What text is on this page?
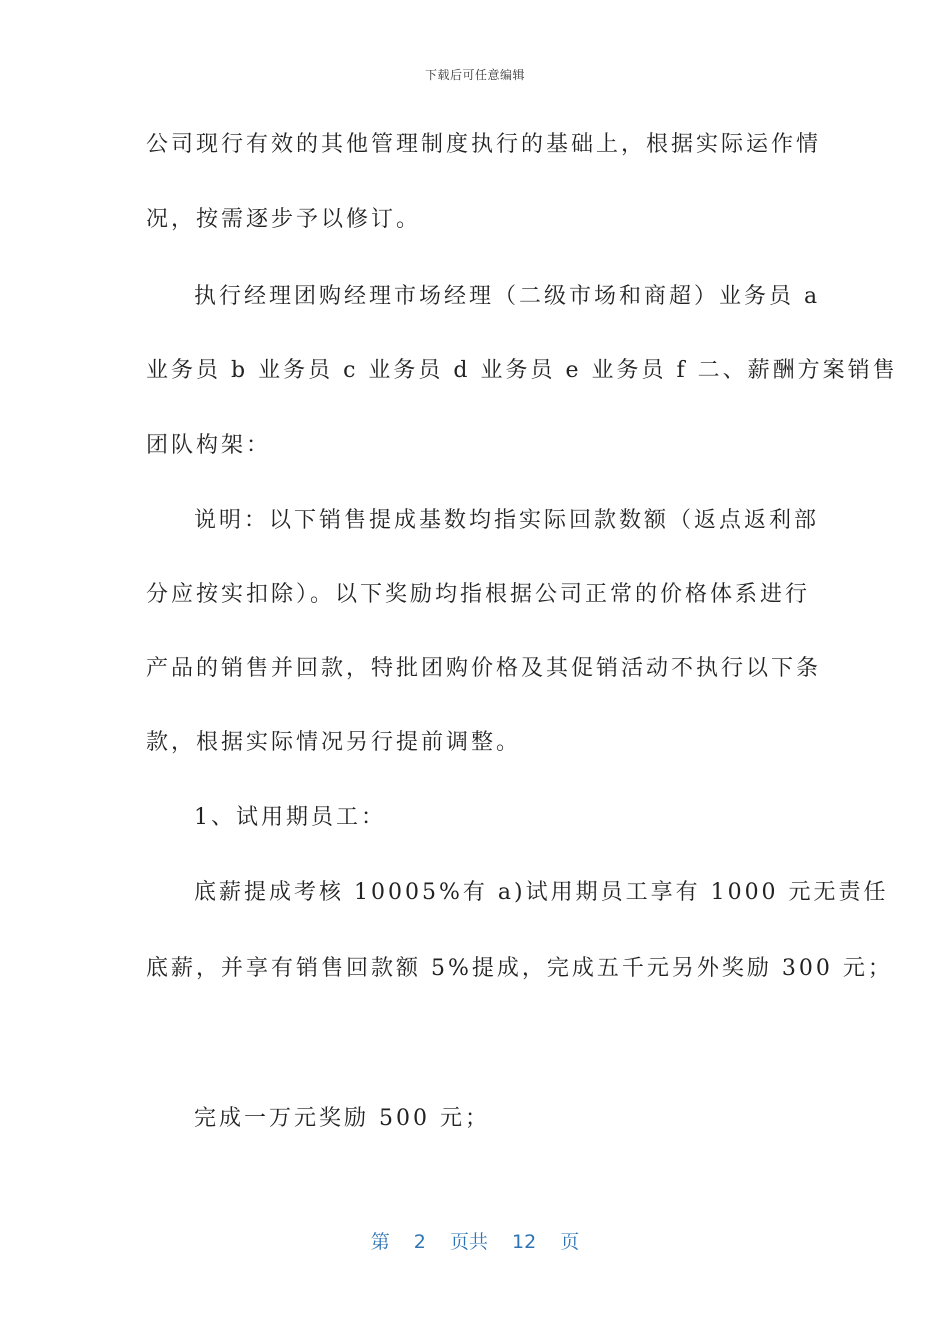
下载后可任意编辑
公司现行有效的其他管理制度执行的基础上，根据实际运作情
况，按需逐步予以修订。
执行经理团购经理市场经理（二级市场和商超）业务员 a
业务员 b 业务员 c 业务员 d 业务员 e 业务员 f 二、薪酬方案销售
团队构架：
说明：以下销售提成基数均指实际回款数额（返点返利部
分应按实扣除）。以下奖励均指根据公司正常的价格体系进行
产品的销售并回款，特批团购价格及其促销活动不执行以下条
款，根据实际情况另行提前调整。
1、试用期员工：
底薪提成考核 10005%有 a)试用期员工享有 1000 元无责任
底薪，并享有销售回款额 5%提成，完成五千元另外奖励 300 元；
完成一万元奖励 500 元；
第 2 页共 12 页
